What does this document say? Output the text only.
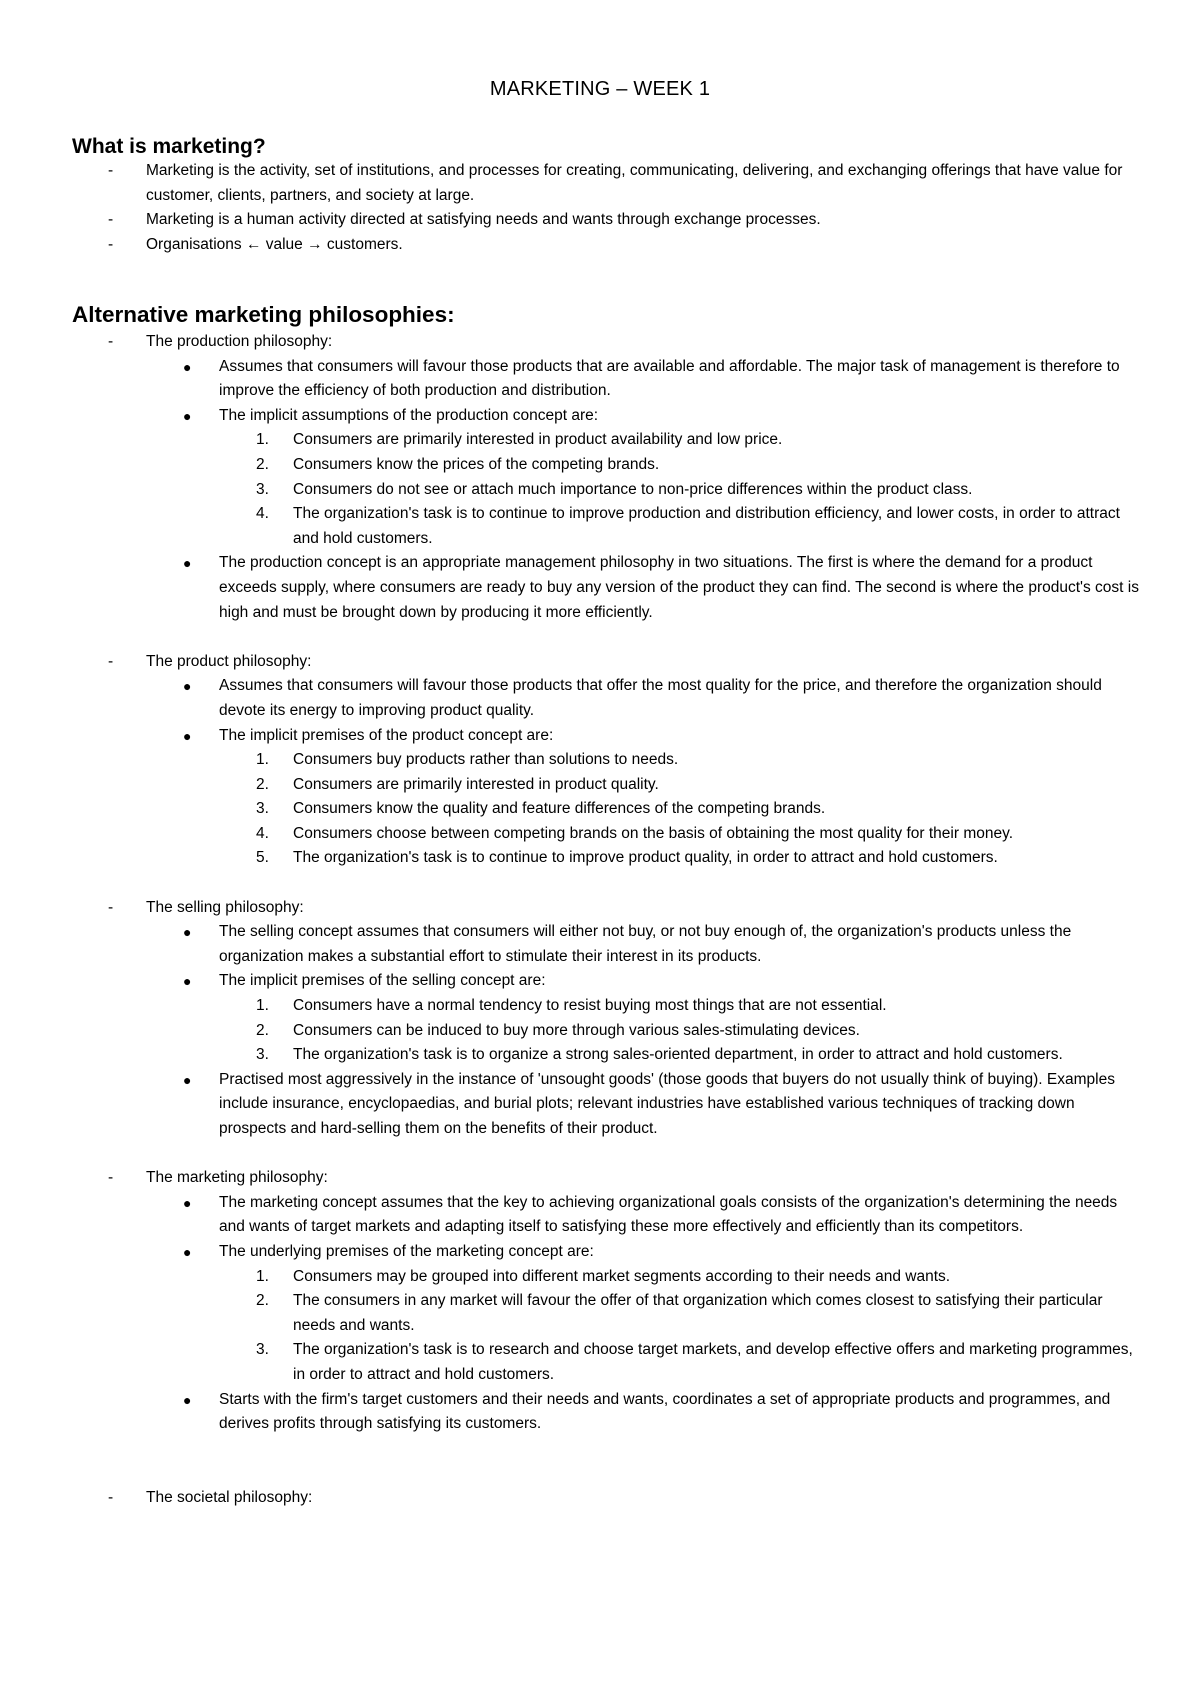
MARKETING – WEEK 1
What is marketing?
- Marketing is the activity, set of institutions, and processes for creating, communicating, delivering, and exchanging offerings that have value for customer, clients, partners, and society at large.
- Marketing is a human activity directed at satisfying needs and wants through exchange processes.
- Organisations ← value → customers.
Alternative marketing philosophies:
- The production philosophy:
● Assumes that consumers will favour those products that are available and affordable. The major task of management is therefore to improve the efficiency of both production and distribution.
● The implicit assumptions of the production concept are:
1. Consumers are primarily interested in product availability and low price.
2. Consumers know the prices of the competing brands.
3. Consumers do not see or attach much importance to non-price differences within the product class.
4. The organization's task is to continue to improve production and distribution efficiency, and lower costs, in order to attract and hold customers.
● The production concept is an appropriate management philosophy in two situations. The first is where the demand for a product exceeds supply, where consumers are ready to buy any version of the product they can find. The second is where the product's cost is high and must be brought down by producing it more efficiently.
- The product philosophy:
● Assumes that consumers will favour those products that offer the most quality for the price, and therefore the organization should devote its energy to improving product quality.
● The implicit premises of the product concept are:
1. Consumers buy products rather than solutions to needs.
2. Consumers are primarily interested in product quality.
3. Consumers know the quality and feature differences of the competing brands.
4. Consumers choose between competing brands on the basis of obtaining the most quality for their money.
5. The organization's task is to continue to improve product quality, in order to attract and hold customers.
- The selling philosophy:
● The selling concept assumes that consumers will either not buy, or not buy enough of, the organization's products unless the organization makes a substantial effort to stimulate their interest in its products.
● The implicit premises of the selling concept are:
1. Consumers have a normal tendency to resist buying most things that are not essential.
2. Consumers can be induced to buy more through various sales-stimulating devices.
3. The organization's task is to organize a strong sales-oriented department, in order to attract and hold customers.
● Practised most aggressively in the instance of 'unsought goods' (those goods that buyers do not usually think of buying). Examples include insurance, encyclopaedias, and burial plots; relevant industries have established various techniques of tracking down prospects and hard-selling them on the benefits of their product.
- The marketing philosophy:
● The marketing concept assumes that the key to achieving organizational goals consists of the organization's determining the needs and wants of target markets and adapting itself to satisfying these more effectively and efficiently than its competitors.
● The underlying premises of the marketing concept are:
1. Consumers may be grouped into different market segments according to their needs and wants.
2. The consumers in any market will favour the offer of that organization which comes closest to satisfying their particular needs and wants.
3. The organization's task is to research and choose target markets, and develop effective offers and marketing programmes, in order to attract and hold customers.
● Starts with the firm's target customers and their needs and wants, coordinates a set of appropriate products and programmes, and derives profits through satisfying its customers.
- The societal philosophy:
